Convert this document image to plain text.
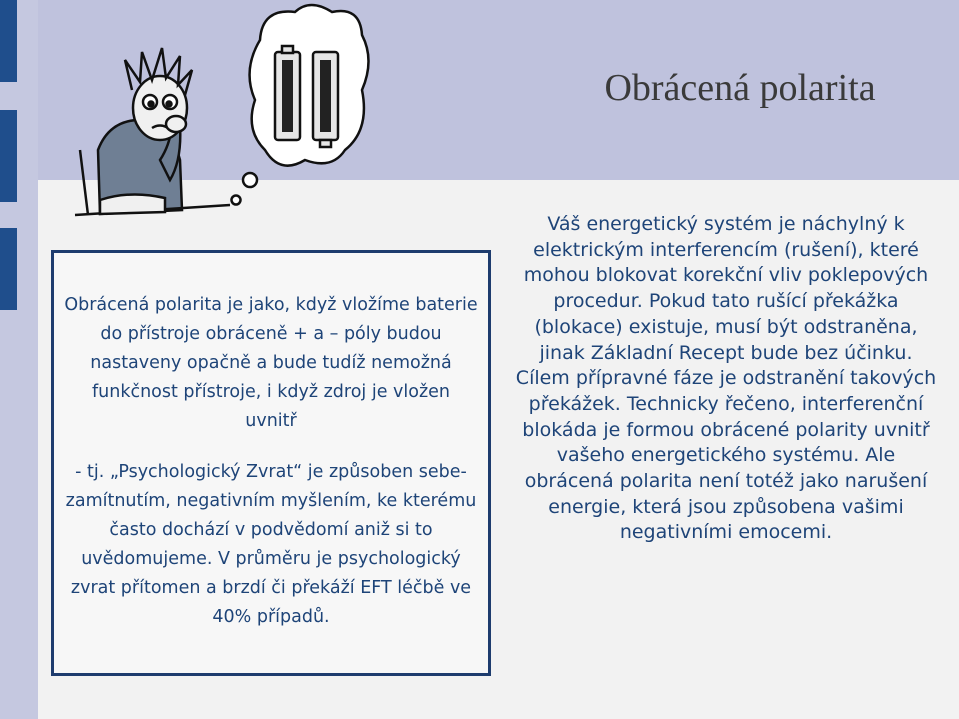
Obrácená polarita

Obrácená polarita je jako, když vložíme baterie do přístroje obráceně + a – póly budou nastaveny opačně a bude tudíž nemožná funkčnost přístroje, i když zdroj je vložen uvnitř

- tj. „Psychologický Zvrat“ je způsoben sebe-zamítnutím, negativním myšlením, ke kterému často dochází v podvědomí aniž si to uvědomujeme. V průměru je psychologický zvrat přítomen a brzdí či překáží EFT léčbě ve 40% případů.

Váš energetický systém je náchylný k elektrickým interferencím (rušení), které mohou blokovat korekční vliv poklepových procedur. Pokud tato rušící překážka (blokace) existuje, musí být odstraněna, jinak Základní Recept bude bez účinku. Cílem přípravné fáze je odstranění takových překážek. Technicky řečeno, interferenční blokáda je formou obrácené polarity uvnitř vašeho energetického systému. Ale obrácená polarita není totéž jako narušení energie, která jsou způsobena vašimi negativními emocemi.
